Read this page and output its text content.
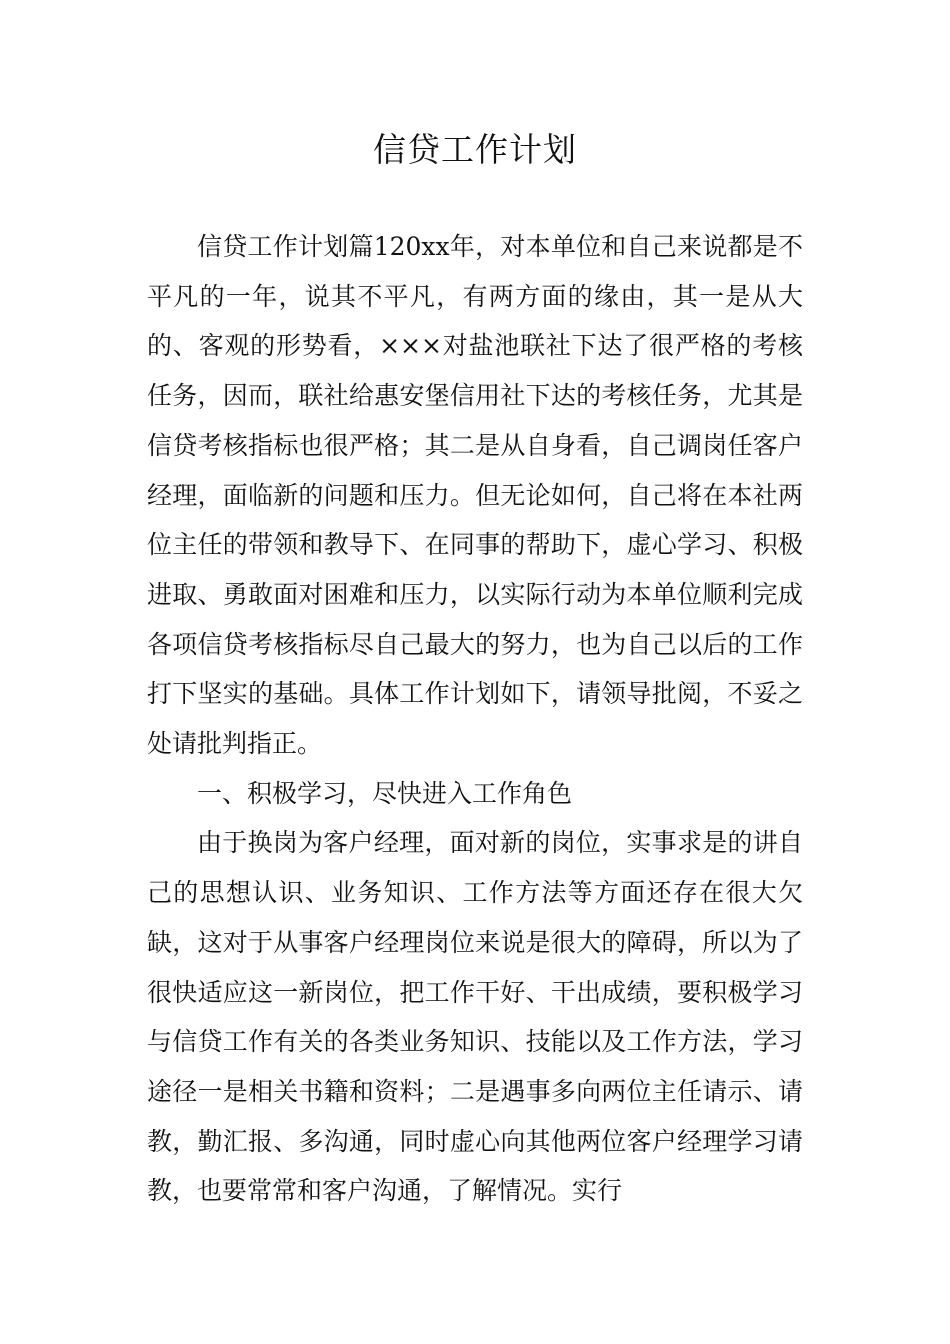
信贷工作计划

信贷工作计划篇120xx年，对本单位和自己来说都是不平凡的一年，说其不平凡，有两方面的缘由，其一是从大的、客观的形势看，×××对盐池联社下达了很严格的考核任务，因而，联社给惠安堡信用社下达的考核任务，尤其是信贷考核指标也很严格；其二是从自身看，自己调岗任客户经理，面临新的问题和压力。但无论如何，自己将在本社两位主任的带领和教导下、在同事的帮助下，虚心学习、积极进取、勇敢面对困难和压力，以实际行动为本单位顺利完成各项信贷考核指标尽自己最大的努力，也为自己以后的工作打下坚实的基础。具体工作计划如下，请领导批阅，不妥之处请批判指正。

一、积极学习，尽快进入工作角色

由于换岗为客户经理，面对新的岗位，实事求是的讲自己的思想认识、业务知识、工作方法等方面还存在很大欠缺，这对于从事客户经理岗位来说是很大的障碍，所以为了很快适应这一新岗位，把工作干好、干出成绩，要积极学习与信贷工作有关的各类业务知识、技能以及工作方法，学习途径一是相关书籍和资料；二是遇事多向两位主任请示、请教，勤汇报、多沟通，同时虚心向其他两位客户经理学习请教，也要常常和客户沟通，了解情况。实行
